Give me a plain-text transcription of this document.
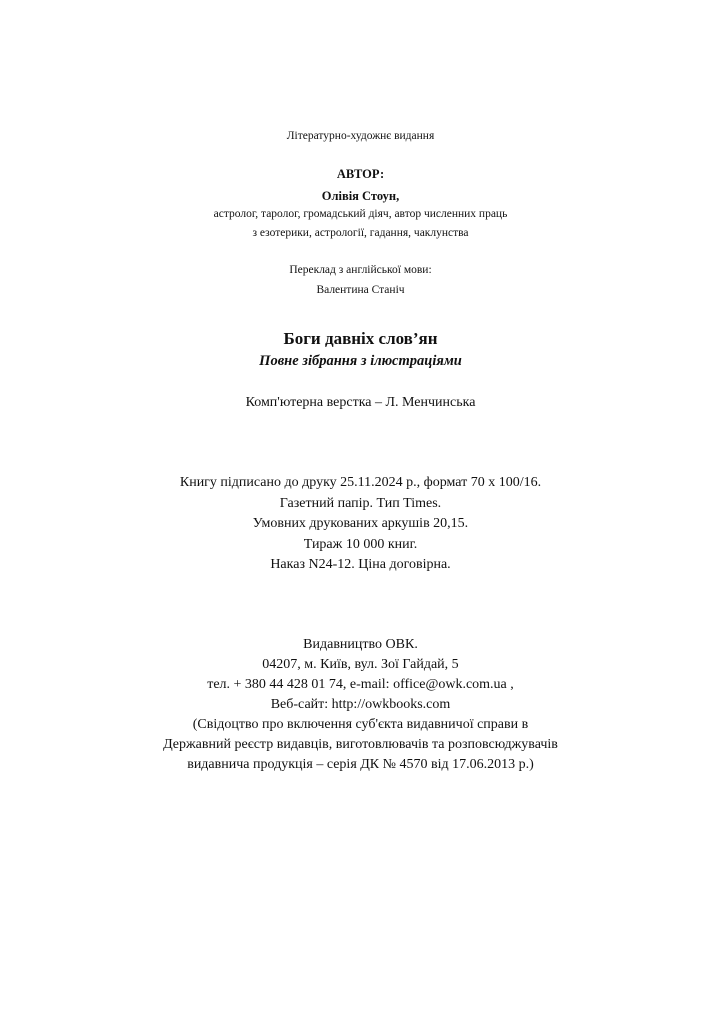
Літературно-художнє видання
АВТОР:
Олівія Стоун,
астролог, таролог, громадський діяч, автор численних праць
з езотерики, астрології, гадання, чаклунства
Переклад з англійської мови:
Валентина Станіч
Боги давніх слов’ян
Повне зібрання з ілюстраціями
Комп'ютерна верстка – Л. Менчинська
Книгу підписано до друку 25.11.2024 р., формат 70 х 100/16.
Газетний папір. Тип Times.
Умовних друкованих аркушів 20,15.
Тираж 10 000 книг.
Наказ N24-12. Ціна договірна.
Видавництво ОВК.
04207, м. Київ, вул. Зої Гайдай, 5
тел. + 380 44 428 01 74, e-mail: office@owk.com.ua ,
Веб-сайт: http://owkbooks.com
(Свідоцтво про включення суб'єкта видавничої справи в
Державний реєстр видавців, виготовлювачів та розповсюджувачів
видавнича продукція – серія ДК № 4570 від 17.06.2013 р.)
